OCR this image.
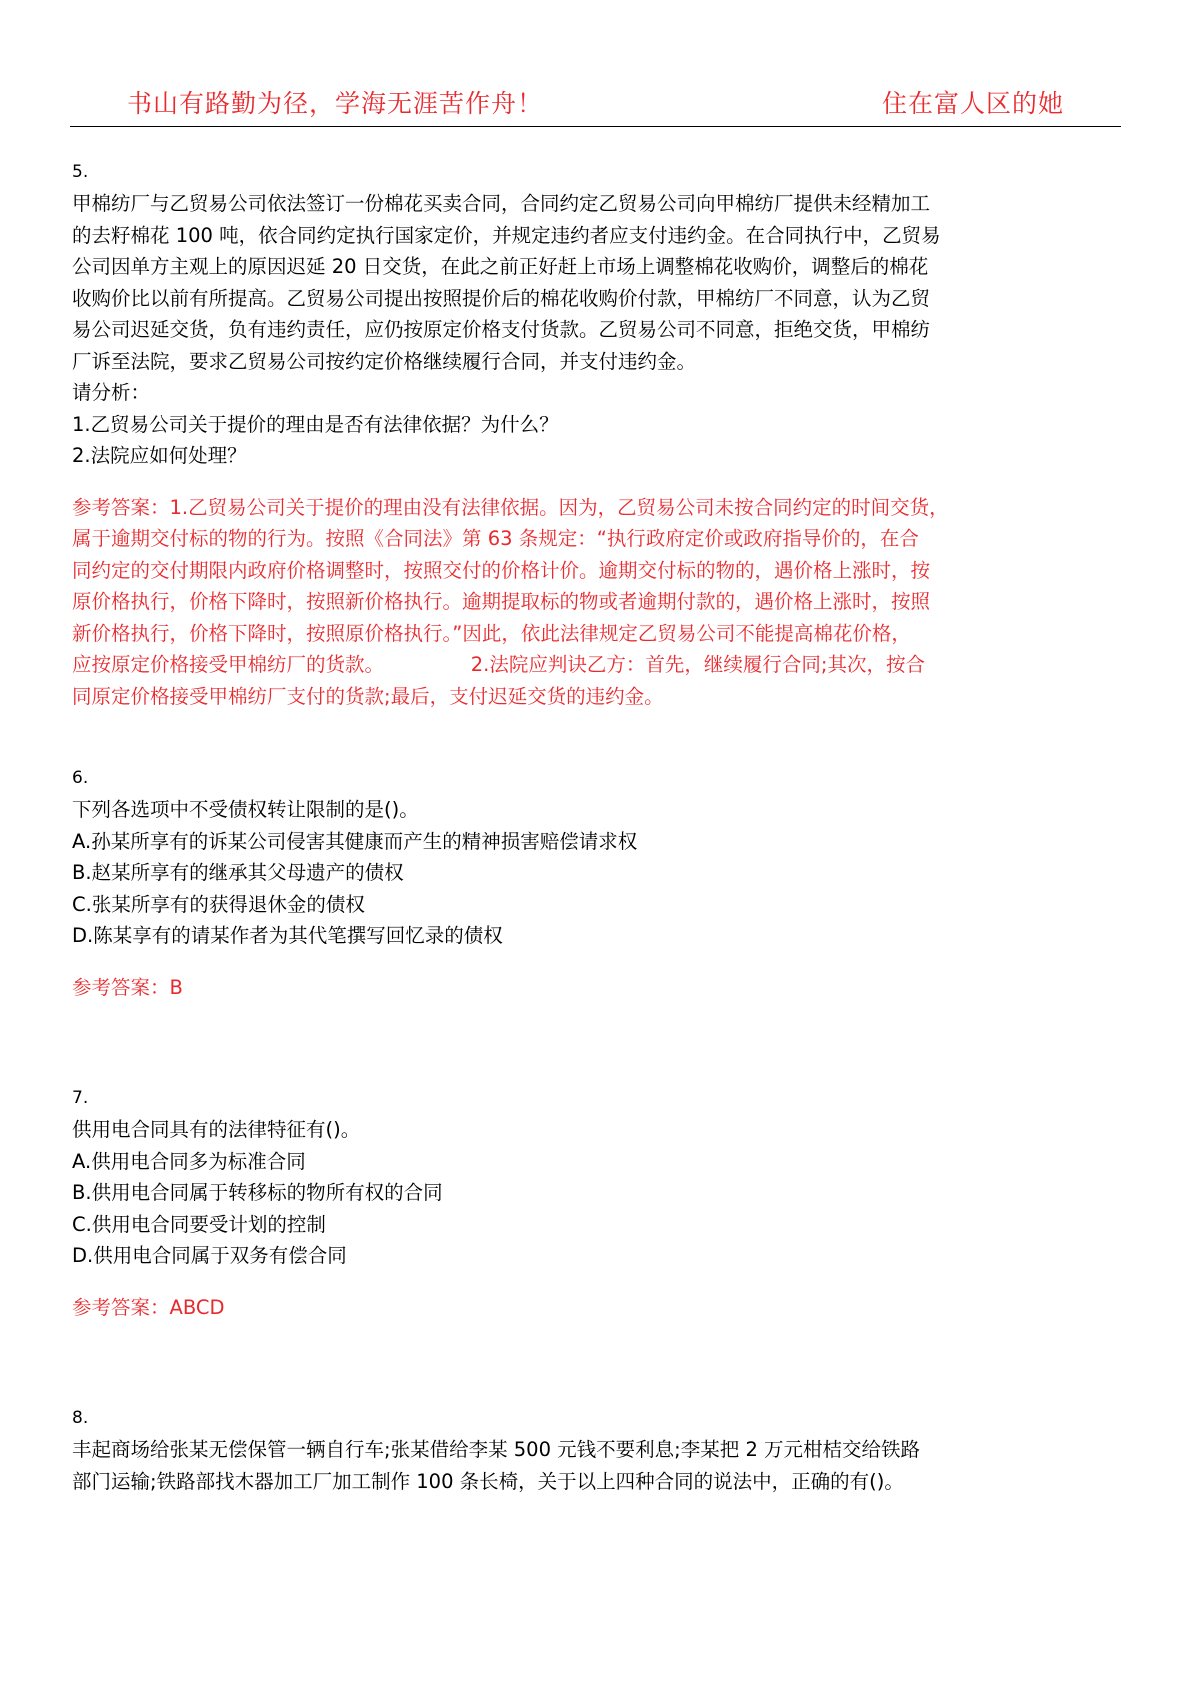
书山有路勤为径，学海无涯苦作舟！	住在富人区的她
5.
甲棉纺厂与乙贸易公司依法签订一份棉花买卖合同，合同约定乙贸易公司向甲棉纺厂提供未经精加工
的去籽棉花 100 吨，依合同约定执行国家定价，并规定违约者应支付违约金。在合同执行中，乙贸易
公司因单方主观上的原因迟延 20 日交货，在此之前正好赶上市场上调整棉花收购价，调整后的棉花
收购价比以前有所提高。乙贸易公司提出按照提价后的棉花收购价付款，甲棉纺厂不同意，认为乙贸
易公司迟延交货，负有违约责任，应仍按原定价格支付货款。乙贸易公司不同意，拒绝交货，甲棉纺
厂诉至法院，要求乙贸易公司按约定价格继续履行合同，并支付违约金。
请分析：
1.乙贸易公司关于提价的理由是否有法律依据？为什么？
2.法院应如何处理？
参考答案：1.乙贸易公司关于提价的理由没有法律依据。因为，乙贸易公司未按合同约定的时间交货，
属于逾期交付标的物的行为。按照《合同法》第 63 条规定：“执行政府定价或政府指导价的，在合
同约定的交付期限内政府价格调整时，按照交付的价格计价。逾期交付标的物的，遇价格上涨时，按
原价格执行，价格下降时，按照新价格执行。逾期提取标的物或者逾期付款的，遇价格上涨时，按照
新价格执行，价格下降时，按照原价格执行。”因此，依此法律规定乙贸易公司不能提高棉花价格，
应按原定价格接受甲棉纺厂的货款。              2.法院应判诀乙方：首先，继续履行合同;其次，按合
同原定价格接受甲棉纺厂支付的货款;最后，支付迟延交货的违约金。
6.
下列各选项中不受债权转让限制的是()。
A.孙某所享有的诉某公司侵害其健康而产生的精神损害赔偿请求权
B.赵某所享有的继承其父母遗产的债权
C.张某所享有的获得退休金的债权
D.陈某享有的请某作者为其代笔撰写回忆录的债权
参考答案：B
7.
供用电合同具有的法律特征有()。
A.供用电合同多为标准合同
B.供用电合同属于转移标的物所有权的合同
C.供用电合同要受计划的控制
D.供用电合同属于双务有偿合同
参考答案：ABCD
8.
丰起商场给张某无偿保管一辆自行车;张某借给李某 500 元钱不要利息;李某把 2 万元柑桔交给铁路
部门运输;铁路部找木器加工厂加工制作 100 条长椅，关于以上四种合同的说法中，正确的有()。
